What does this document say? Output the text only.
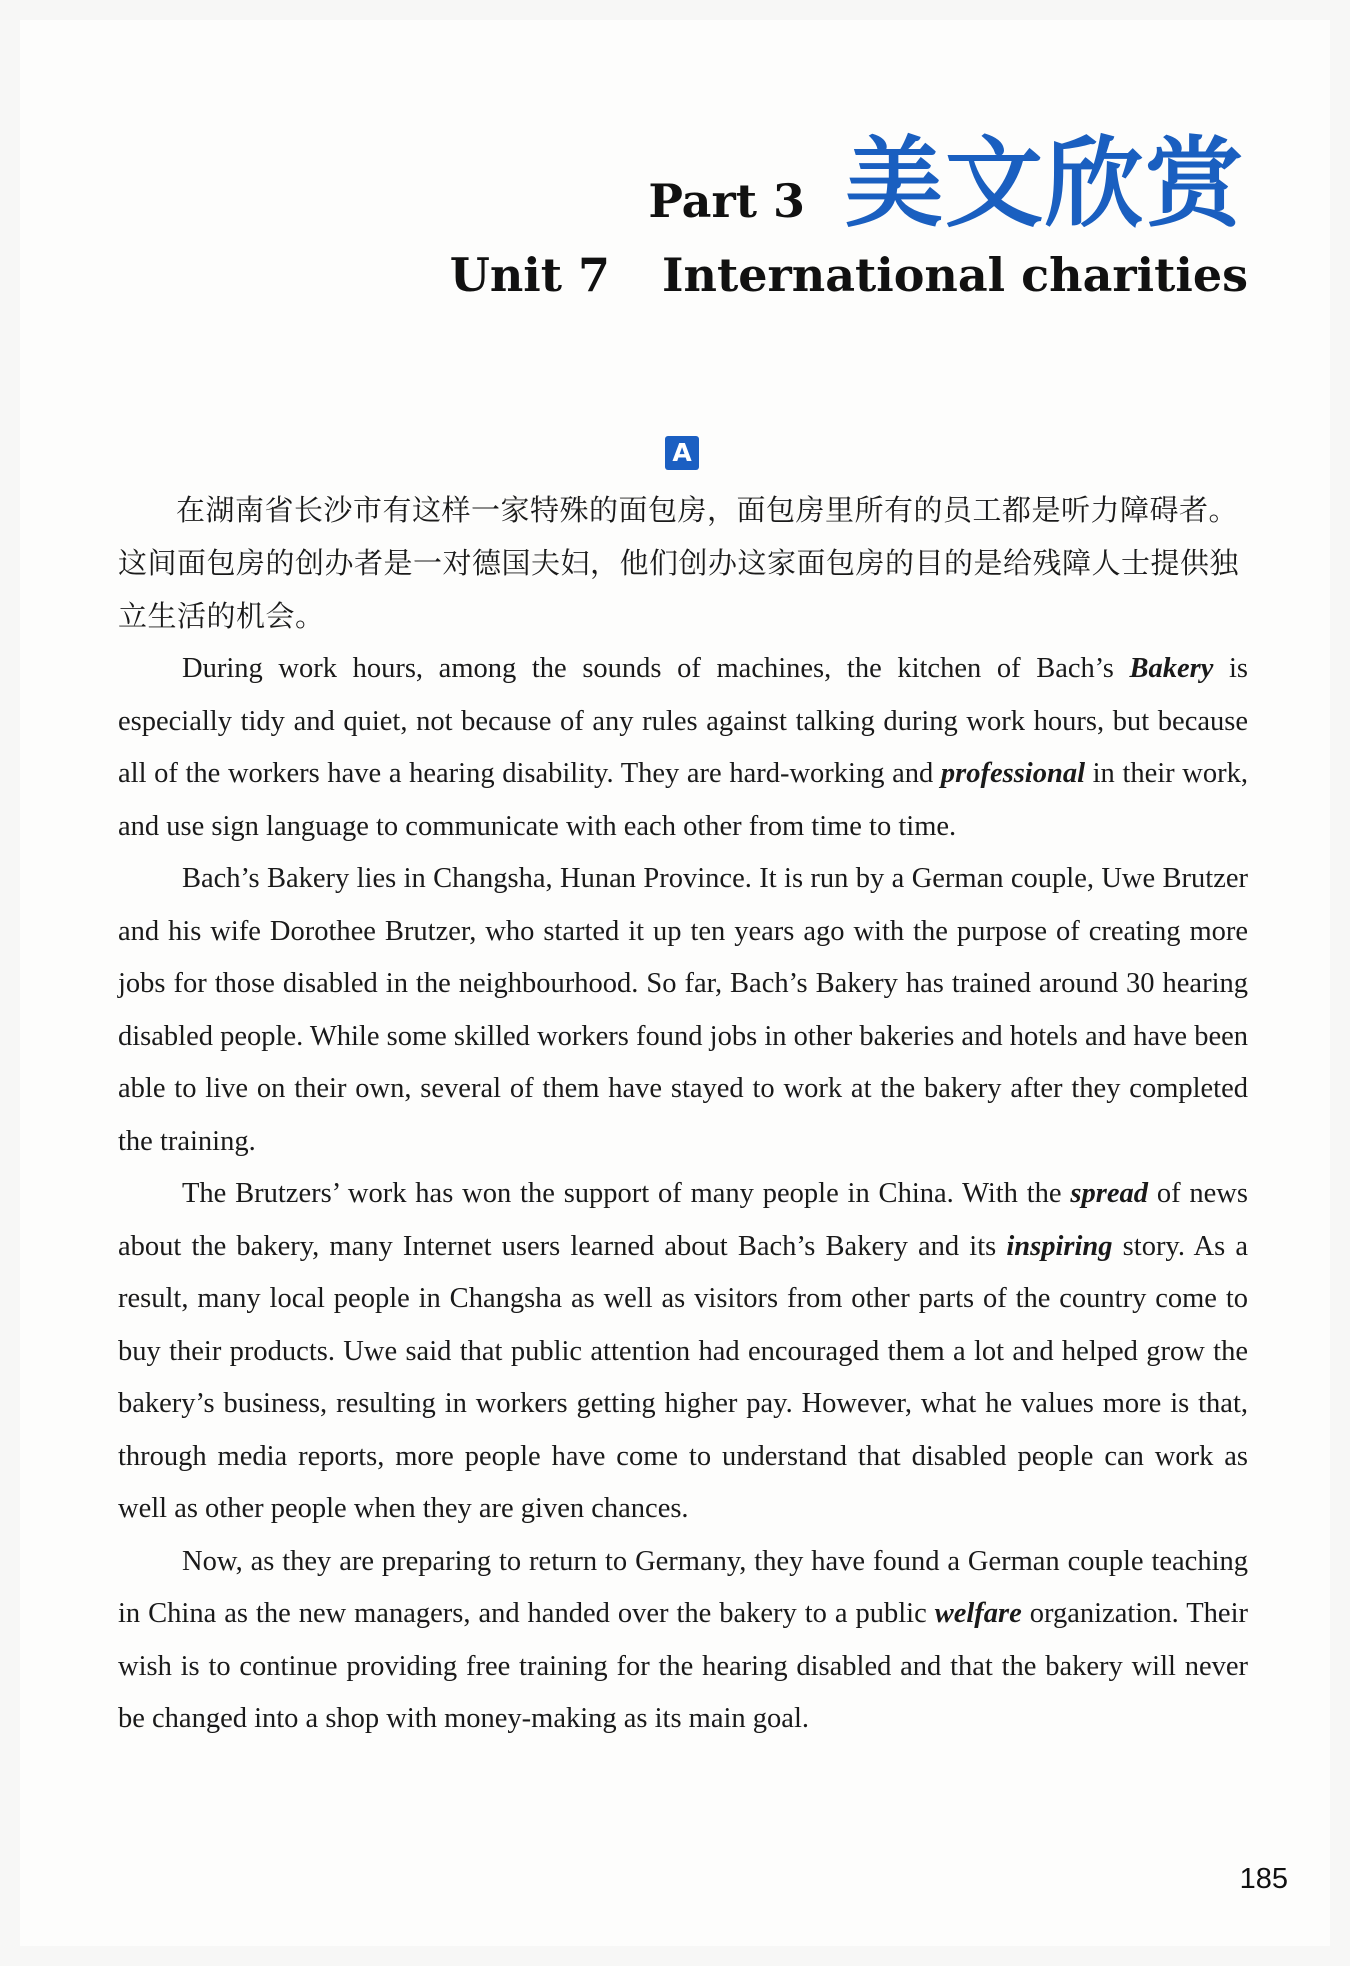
Part 3 美文欣赏
Unit 7 International charities
A

在湖南省长沙市有这样一家特殊的面包房，面包房里所有的员工都是听力障碍者。这间面包房的创办者是一对德国夫妇，他们创办这家面包房的目的是给残障人士提供独立生活的机会。

During work hours, among the sounds of machines, the kitchen of Bach’s Bakery is especially tidy and quiet, not because of any rules against talking during work hours, but because all of the workers have a hearing disability. They are hard-working and professional in their work, and use sign language to communicate with each other from time to time.

Bach’s Bakery lies in Changsha, Hunan Province. It is run by a German couple, Uwe Brutzer and his wife Dorothee Brutzer, who started it up ten years ago with the purpose of creating more jobs for those disabled in the neighbourhood. So far, Bach’s Bakery has trained around 30 hearing disabled people. While some skilled workers found jobs in other bakeries and hotels and have been able to live on their own, several of them have stayed to work at the bakery after they completed the training.

The Brutzers’ work has won the support of many people in China. With the spread of news about the bakery, many Internet users learned about Bach’s Bakery and its inspiring story. As a result, many local people in Changsha as well as visitors from other parts of the country come to buy their products. Uwe said that public attention had encouraged them a lot and helped grow the bakery’s business, resulting in workers getting higher pay. However, what he values more is that, through media reports, more people have come to understand that disabled people can work as well as other people when they are given chances.

Now, as they are preparing to return to Germany, they have found a German couple teaching in China as the new managers, and handed over the bakery to a public welfare organization. Their wish is to continue providing free training for the hearing disabled and that the bakery will never be changed into a shop with money-making as its main goal.

185
